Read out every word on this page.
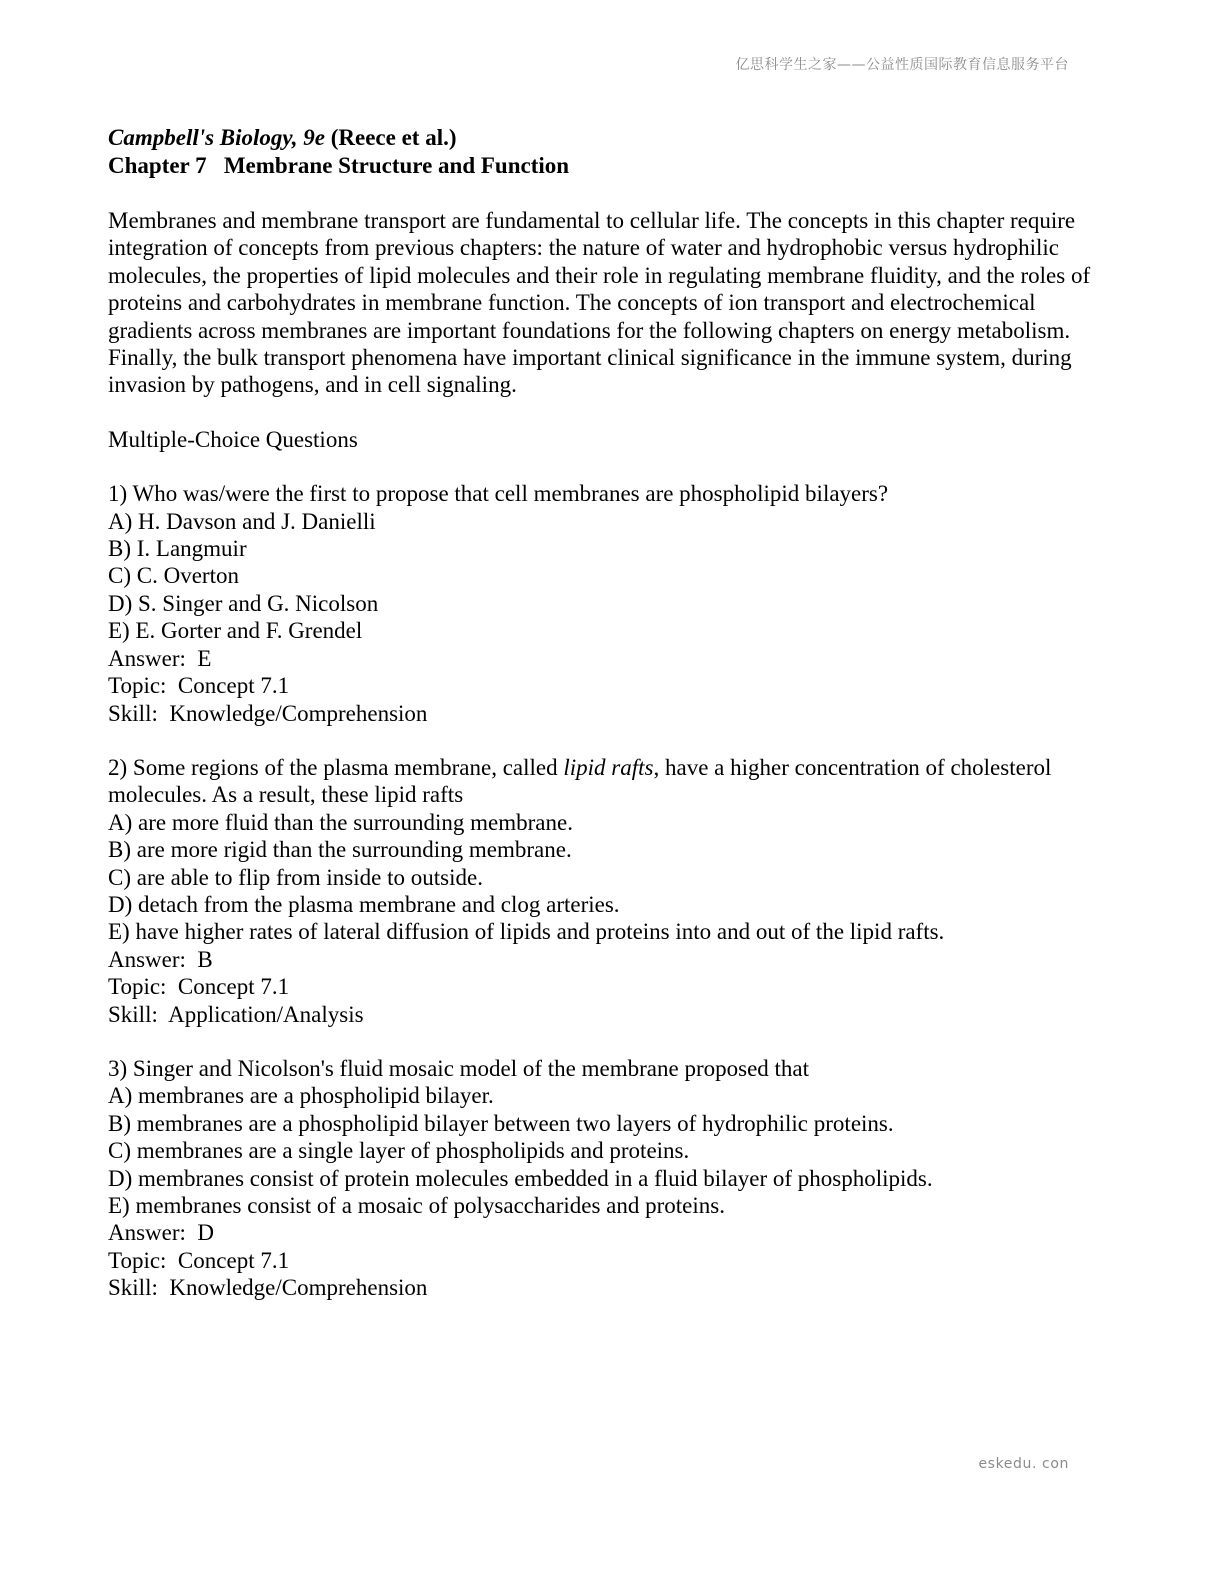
亿思科学生之家——公益性质国际教育信息服务平台
Campbell's Biology, 9e (Reece et al.)
Chapter 7   Membrane Structure and Function

Membranes and membrane transport are fundamental to cellular life. The concepts in this chapter require integration of concepts from previous chapters: the nature of water and hydrophobic versus hydrophilic molecules, the properties of lipid molecules and their role in regulating membrane fluidity, and the roles of proteins and carbohydrates in membrane function. The concepts of ion transport and electrochemical gradients across membranes are important foundations for the following chapters on energy metabolism. Finally, the bulk transport phenomena have important clinical significance in the immune system, during invasion by pathogens, and in cell signaling.

Multiple-Choice Questions
1) Who was/were the first to propose that cell membranes are phospholipid bilayers?
A) H. Davson and J. Danielli
B) I. Langmuir
C) C. Overton
D) S. Singer and G. Nicolson
E) E. Gorter and F. Grendel
Answer:  E
Topic:  Concept 7.1
Skill:  Knowledge/Comprehension
2) Some regions of the plasma membrane, called lipid rafts, have a higher concentration of cholesterol molecules. As a result, these lipid rafts
A) are more fluid than the surrounding membrane.
B) are more rigid than the surrounding membrane.
C) are able to flip from inside to outside.
D) detach from the plasma membrane and clog arteries.
E) have higher rates of lateral diffusion of lipids and proteins into and out of the lipid rafts.
Answer:  B
Topic:  Concept 7.1
Skill:  Application/Analysis
3) Singer and Nicolson's fluid mosaic model of the membrane proposed that
A) membranes are a phospholipid bilayer.
B) membranes are a phospholipid bilayer between two layers of hydrophilic proteins.
C) membranes are a single layer of phospholipids and proteins.
D) membranes consist of protein molecules embedded in a fluid bilayer of phospholipids.
E) membranes consist of a mosaic of polysaccharides and proteins.
Answer:  D
Topic:  Concept 7.1
Skill:  Knowledge/Comprehension
eskedu. con
